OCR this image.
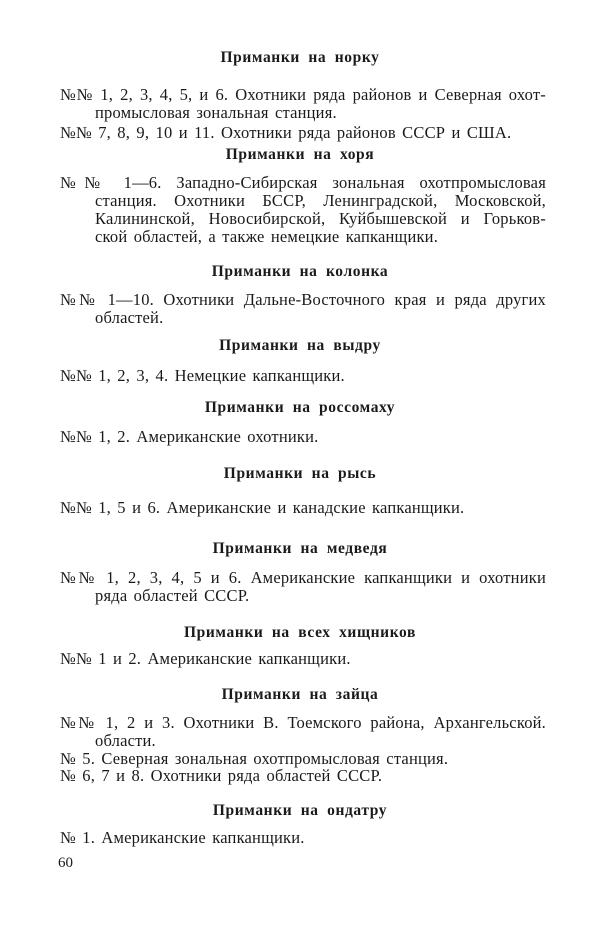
Приманки на норку
№№ 1, 2, 3, 4, 5, и 6. Охотники ряда районов и Северная охот-
промысловая зональная станция.
№№ 7, 8, 9, 10 и 11. Охотники ряда районов СССР и США.
Приманки на хоря
№№ 1—6. Западно-Сибирская зональная охотпромысловая
станция. Охотники БССР, Ленинградской, Московской,
Калининской, Новосибирской, Куйбышевской и Горьков-
ской областей, а также немецкие капканщики.
Приманки на колонка
№№ 1—10. Охотники Дальне-Восточного края и ряда других
областей.
Приманки на выдру
№№ 1, 2, 3, 4. Немецкие капканщики.
Приманки на россомаху
№№ 1, 2. Американские охотники.
Приманки на рысь
№№ 1, 5 и 6. Американские и канадские капканщики.
Приманки на медведя
№№ 1, 2, 3, 4, 5 и 6. Американские капканщики и охотники
ряда областей СССР.
Приманки на всех хищников
№№ 1 и 2. Американские капканщики.
Приманки на зайца
№№ 1, 2 и 3. Охотники В. Тоемского района, Архангельской.
области.
№ 5. Северная зональная охотпромысловая станция.
№ 6, 7 и 8. Охотники ряда областей СССР.
Приманки на ондатру
№ 1. Американские капканщики.
60
